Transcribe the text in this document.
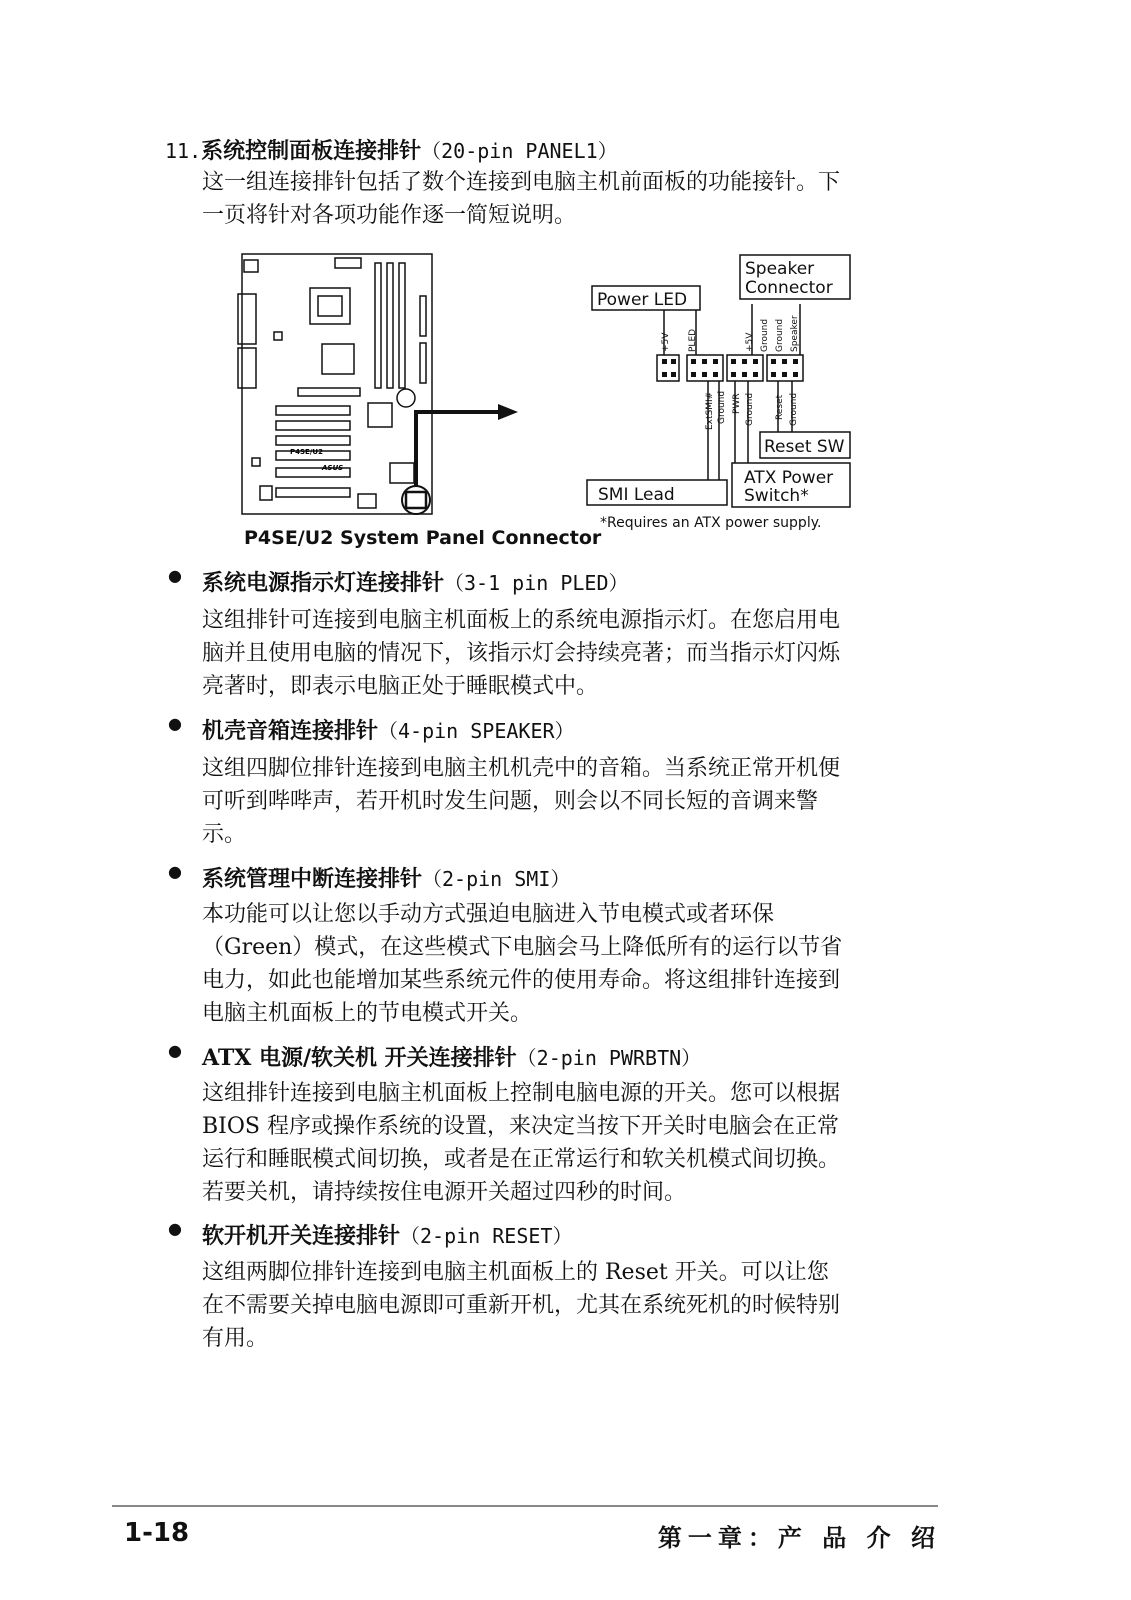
11.系统控制面板连接排针（20-pin PANEL1）
这一组连接排针包括了数个连接到电脑主机前面板的功能接针。下
一页将针对各项功能作逐一简短说明。
P4SE/U2
ASUS
+5V PLED	+5V Ground Ground Speaker
ExtSMI# Ground PWR Ground Reset Ground
Power LED
Speaker
Connector
Reset SW
ATX Power
Switch*
SMI Lead
*Requires an ATX power supply.
P4SE/U2 System Panel Connector
● 系统电源指示灯连接排针（3-1 pin PLED）
这组排针可连接到电脑主机面板上的系统电源指示灯。在您启用电
脑并且使用电脑的情况下，该指示灯会持续亮著；而当指示灯闪烁
亮著时，即表示电脑正处于睡眠模式中。
● 机壳音箱连接排针（4-pin SPEAKER）
这组四脚位排针连接到电脑主机机壳中的音箱。当系统正常开机便
可听到哔哔声，若开机时发生问题，则会以不同长短的音调来警
示。
● 系统管理中断连接排针（2-pin SMI）
本功能可以让您以手动方式强迫电脑进入节电模式或者环保
（Green）模式，在这些模式下电脑会马上降低所有的运行以节省
电力，如此也能增加某些系统元件的使用寿命。将这组排针连接到
电脑主机面板上的节电模式开关。
● ATX 电源/软关机 开关连接排针（2-pin PWRBTN）
这组排针连接到电脑主机面板上控制电脑电源的开关。您可以根据
BIOS 程序或操作系统的设置，来决定当按下开关时电脑会在正常
运行和睡眠模式间切换，或者是在正常运行和软关机模式间切换。
若要关机，请持续按住电源开关超过四秒的时间。
● 软开机开关连接排针（2-pin RESET）
这组两脚位排针连接到电脑主机面板上的 Reset 开关。可以让您
在不需要关掉电脑电源即可重新开机，尤其在系统死机的时候特别
有用。
1-18	第一章：产 品 介 绍
